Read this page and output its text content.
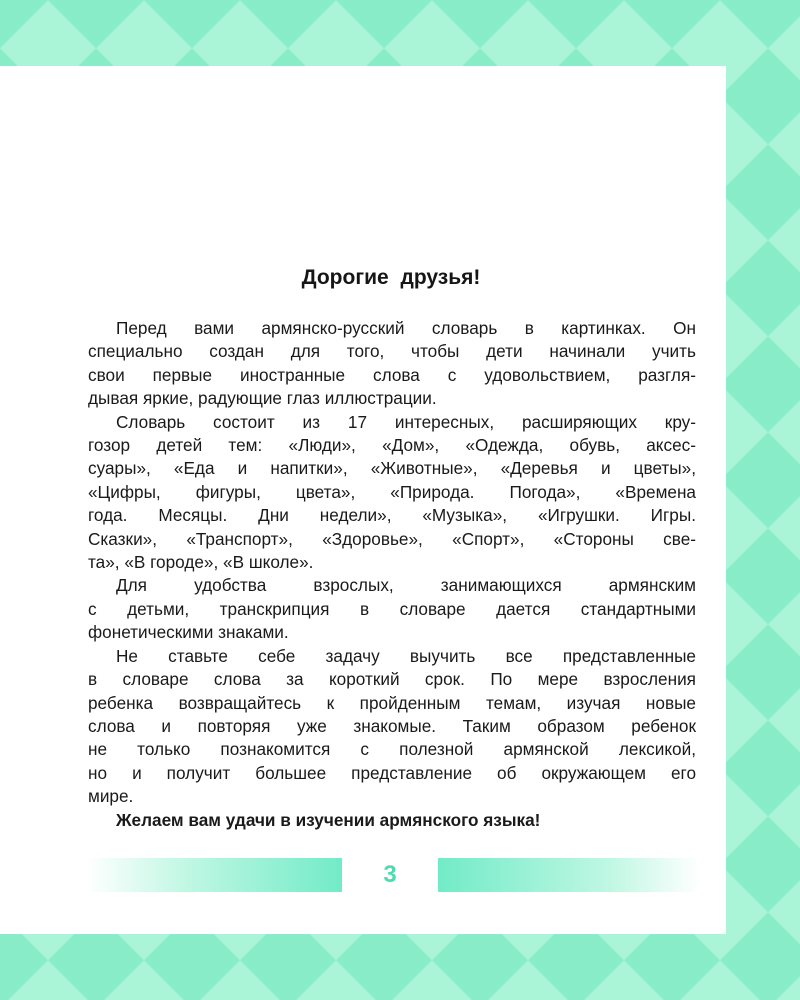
Дорогие друзья!
Перед вами армянско-русский словарь в картинках. Он
специально создан для того, чтобы дети начинали учить
свои первые иностранные слова с удовольствием, разгля-
дывая яркие, радующие глаз иллюстрации.
Словарь состоит из 17 интересных, расширяющих кру-
гозор детей тем: «Люди», «Дом», «Одежда, обувь, аксес-
суары», «Еда и напитки», «Животные», «Деревья и цветы»,
«Цифры, фигуры, цвета», «Природа. Погода», «Времена
года. Месяцы. Дни недели», «Музыка», «Игрушки. Игры.
Сказки», «Транспорт», «Здоровье», «Спорт», «Стороны све-
та», «В городе», «В школе».
Для удобства взрослых, занимающихся армянским
с детьми, транскрипция в словаре дается стандартными
фонетическими знаками.
Не ставьте себе задачу выучить все представленные
в словаре слова за короткий срок. По мере взросления
ребенка возвращайтесь к пройденным темам, изучая новые
слова и повторяя уже знакомые. Таким образом ребенок
не только познакомится с полезной армянской лексикой,
но и получит большее представление об окружающем его
мире.
Желаем вам удачи в изучении армянского языка!
3
